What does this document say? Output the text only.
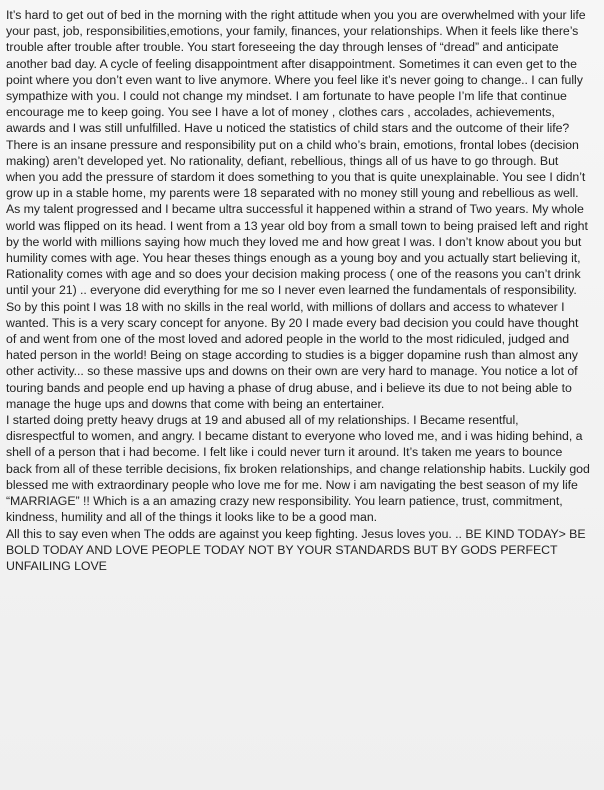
It’s hard to get out of bed in the morning with the right attitude when you you are overwhelmed with your life your past, job, responsibilities,emotions, your family, finances, your relationships. When it feels like there’s trouble after trouble after trouble. You start foreseeing the day through lenses of “dread” and anticipate another bad day. A cycle of feeling disappointment after disappointment. Sometimes it can even get to the point where you don’t even want to live anymore. Where you feel like it’s never going to change.. I can fully sympathize with you. I could not change my mindset. I am fortunate to have people I’m life that continue encourage me to keep going. You see I have a lot of money , clothes cars , accolades, achievements, awards and I was still unfulfilled. Have u noticed the statistics of child stars and the outcome of their life? There is an insane pressure and responsibility put on a child who’s brain, emotions, frontal lobes (decision making) aren’t developed yet. No rationality, defiant, rebellious, things all of us have to go through. But when you add the pressure of stardom it does something to you that is quite unexplainable. You see I didn’t grow up in a stable home, my parents were 18 separated with no money still young and rebellious as well. As my talent progressed and I became ultra successful it happened within a strand of Two years. My whole world was flipped on its head. I went from a 13 year old boy from a small town to being praised left and right by the world with millions saying how much they loved me and how great I was. I don’t know about you but humility comes with age. You hear theses things enough as a young boy and you actually start believing it, Rationality comes with age and so does your decision making process ( one of the reasons you can’t drink until your 21) .. everyone did everything for me so I never even learned the fundamentals of responsibility. So by this point I was 18 with no skills in the real world, with millions of dollars and access to whatever I wanted. This is a very scary concept for anyone. By 20 I made every bad decision you could have thought of and went from one of the most loved and adored people in the world to the most ridiculed, judged and hated person in the world! Being on stage according to studies is a bigger dopamine rush than almost any other activity... so these massive ups and downs on their own are very hard to manage. You notice a lot of touring bands and people end up having a phase of drug abuse, and i believe its due to not being able to manage the huge ups and downs that come with being an entertainer.

I started doing pretty heavy drugs at 19 and abused all of my relationships. I Became resentful, disrespectful to women, and angry. I became distant to everyone who loved me, and i was hiding behind, a shell of a person that i had become. I felt like i could never turn it around. It’s taken me years to bounce back from all of these terrible decisions, fix broken relationships, and change relationship habits. Luckily god blessed me with extraordinary people who love me for me. Now i am navigating the best season of my life “MARRIAGE” !! Which is a an amazing crazy new responsibility. You learn patience, trust, commitment, kindness, humility and all of the things it looks like to be a good man.

All this to say even when The odds are against you keep fighting. Jesus loves you. .. BE KIND TODAY> BE BOLD TODAY AND LOVE PEOPLE TODAY NOT BY YOUR STANDARDS BUT BY GODS PERFECT UNFAILING LOVE
